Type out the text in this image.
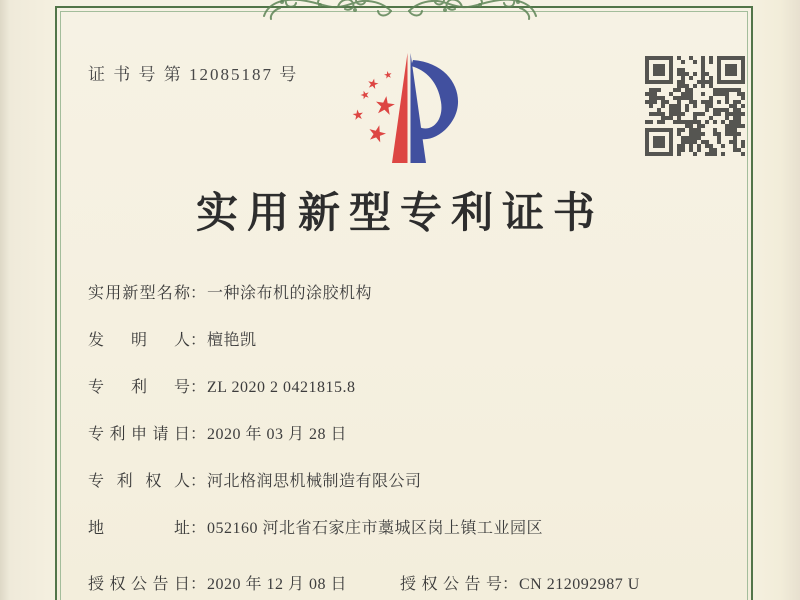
证 书 号 第 12085187 号
实用新型专利证书
实用新型名称：一种涂布机的涂胶机构
发明人：檀艳凯
专利号：ZL 2020 2 0421815.8
专利申请日：2020 年 03 月 28 日
专利权人：河北格润思机械制造有限公司
地址：052160 河北省石家庄市藁城区岗上镇工业园区
授权公告日：2020 年 12 月 08 日	授权公告号：CN 212092987 U
